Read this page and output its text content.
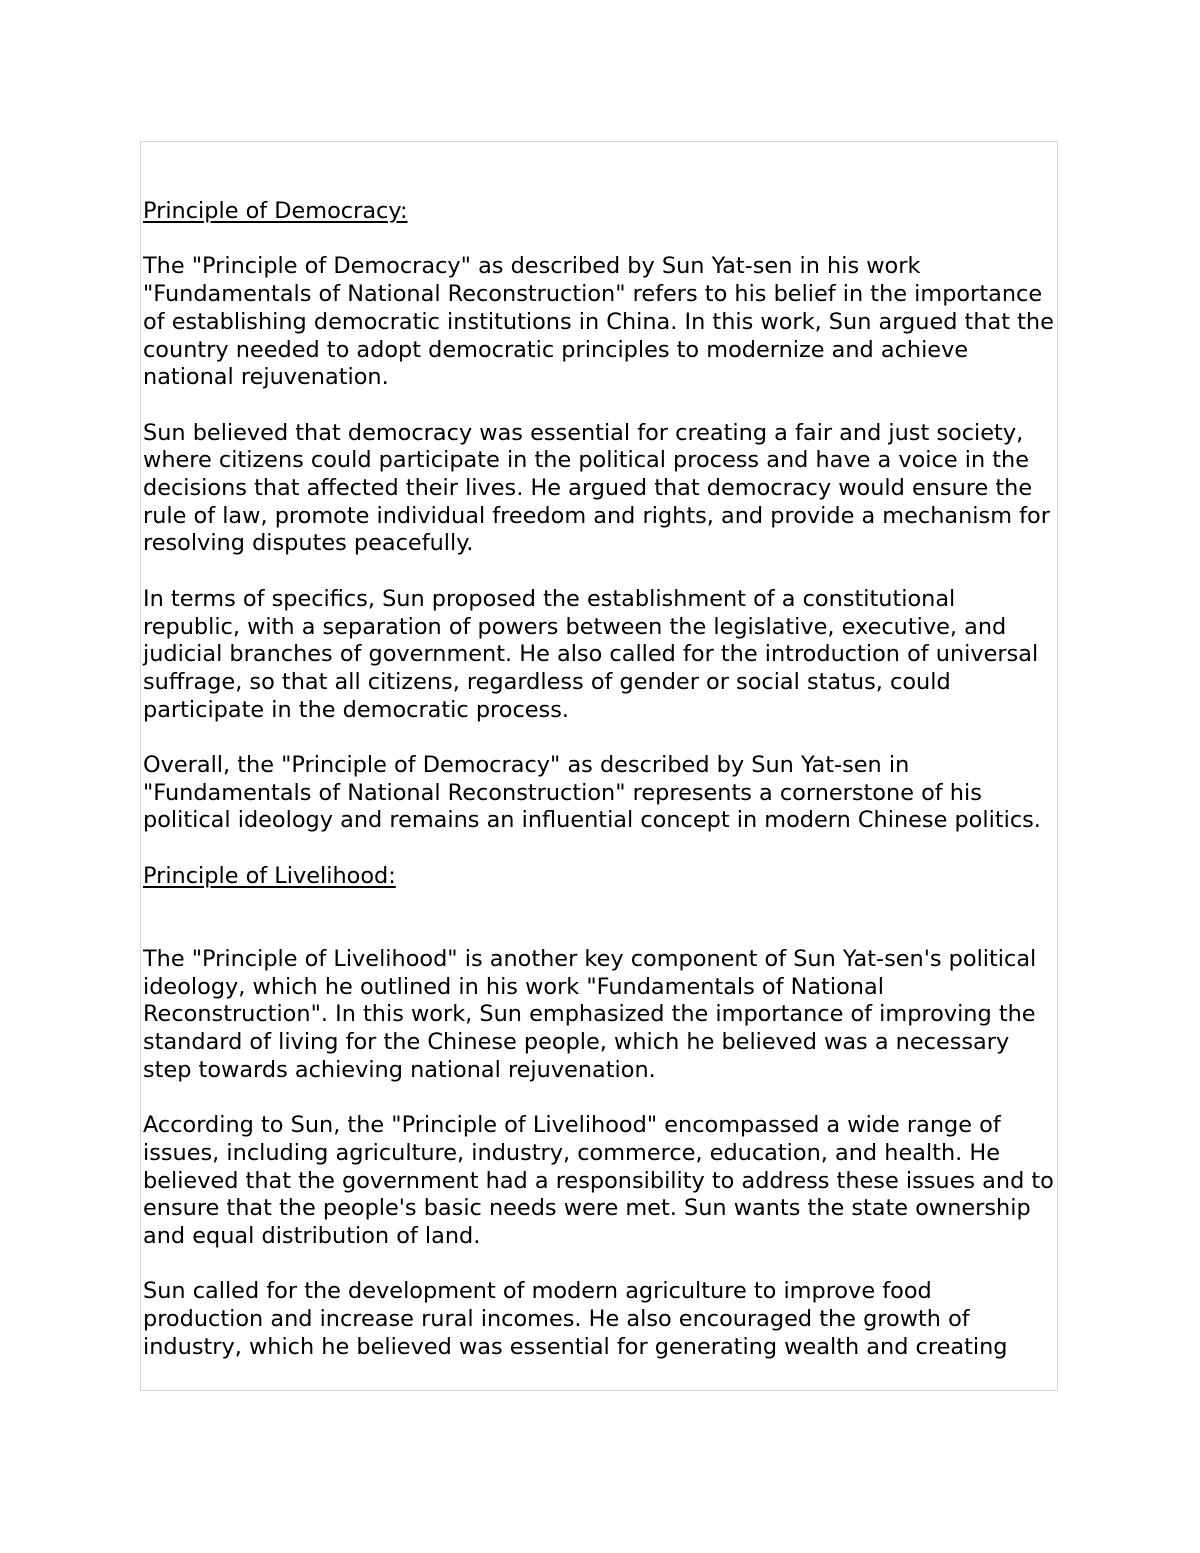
Principle of Democracy:

The "Principle of Democracy" as described by Sun Yat-sen in his work "Fundamentals of National Reconstruction" refers to his belief in the importance of establishing democratic institutions in China. In this work, Sun argued that the country needed to adopt democratic principles to modernize and achieve national rejuvenation.

Sun believed that democracy was essential for creating a fair and just society, where citizens could participate in the political process and have a voice in the decisions that affected their lives. He argued that democracy would ensure the rule of law, promote individual freedom and rights, and provide a mechanism for resolving disputes peacefully.

In terms of specifics, Sun proposed the establishment of a constitutional republic, with a separation of powers between the legislative, executive, and judicial branches of government. He also called for the introduction of universal suffrage, so that all citizens, regardless of gender or social status, could participate in the democratic process.

Overall, the "Principle of Democracy" as described by Sun Yat-sen in "Fundamentals of National Reconstruction" represents a cornerstone of his political ideology and remains an influential concept in modern Chinese politics.

Principle of Livelihood:

The "Principle of Livelihood" is another key component of Sun Yat-sen's political ideology, which he outlined in his work "Fundamentals of National Reconstruction". In this work, Sun emphasized the importance of improving the standard of living for the Chinese people, which he believed was a necessary step towards achieving national rejuvenation.

According to Sun, the "Principle of Livelihood" encompassed a wide range of issues, including agriculture, industry, commerce, education, and health. He believed that the government had a responsibility to address these issues and to ensure that the people's basic needs were met. Sun wants the state ownership and equal distribution of land.

Sun called for the development of modern agriculture to improve food production and increase rural incomes. He also encouraged the growth of industry, which he believed was essential for generating wealth and creating
